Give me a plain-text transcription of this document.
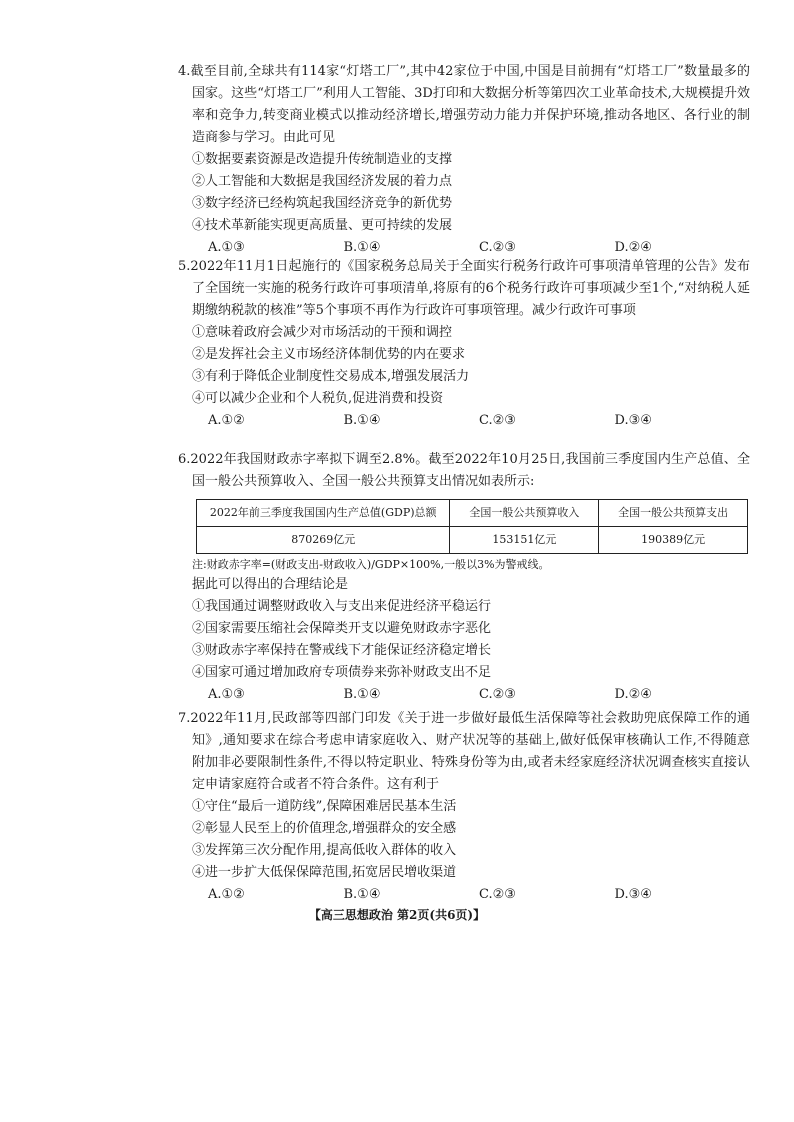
4.截至目前,全球共有114家“灯塔工厂”,其中42家位于中国,中国是目前拥有“灯塔工厂”数量最多的国家。这些“灯塔工厂”利用人工智能、3D打印和大数据分析等第四次工业革命技术,大规模提升效率和竞争力,转变商业模式以推动经济增长,增强劳动力能力并保护环境,推动各地区、各行业的制造商参与学习。由此可见
①数据要素资源是改造提升传统制造业的支撑
②人工智能和大数据是我国经济发展的着力点
③数字经济已经构筑起我国经济竞争的新优势
④技术革新能实现更高质量、更可持续的发展
A.①③	B.①④	C.②③	D.②④
5.2022年11月1日起施行的《国家税务总局关于全面实行税务行政许可事项清单管理的公告》发布了全国统一实施的税务行政许可事项清单,将原有的6个税务行政许可事项减少至1个,“对纳税人延期缴纳税款的核准”等5个事项不再作为行政许可事项管理。减少行政许可事项
①意味着政府会减少对市场活动的干预和调控
②是发挥社会主义市场经济体制优势的内在要求
③有利于降低企业制度性交易成本,增强发展活力
④可以减少企业和个人税负,促进消费和投资
A.①②	B.①④	C.②③	D.③④
6.2022年我国财政赤字率拟下调至2.8%。截至2022年10月25日,我国前三季度国内生产总值、全国一般公共预算收入、全国一般公共预算支出情况如表所示:
2022年前三季度我国国内生产总值(GDP)总额	全国一般公共预算收入	全国一般公共预算支出
870269亿元	153151亿元	190389亿元
注:财政赤字率=(财政支出-财政收入)/GDP×100%,一般以3%为警戒线。
据此可以得出的合理结论是
①我国通过调整财政收入与支出来促进经济平稳运行
②国家需要压缩社会保障类开支以避免财政赤字恶化
③财政赤字率保持在警戒线下才能保证经济稳定增长
④国家可通过增加政府专项债券来弥补财政支出不足
A.①③	B.①④	C.②③	D.②④
7.2022年11月,民政部等四部门印发《关于进一步做好最低生活保障等社会救助兜底保障工作的通知》,通知要求在综合考虑申请家庭收入、财产状况等的基础上,做好低保审核确认工作,不得随意附加非必要限制性条件,不得以特定职业、特殊身份等为由,或者未经家庭经济状况调查核实直接认定申请家庭符合或者不符合条件。这有利于
①守住“最后一道防线”,保障困难居民基本生活
②彰显人民至上的价值理念,增强群众的安全感
③发挥第三次分配作用,提高低收入群体的收入
④进一步扩大低保保障范围,拓宽居民增收渠道
A.①②	B.①④	C.②③	D.③④
【高三思想政治 第2页(共6页)】
